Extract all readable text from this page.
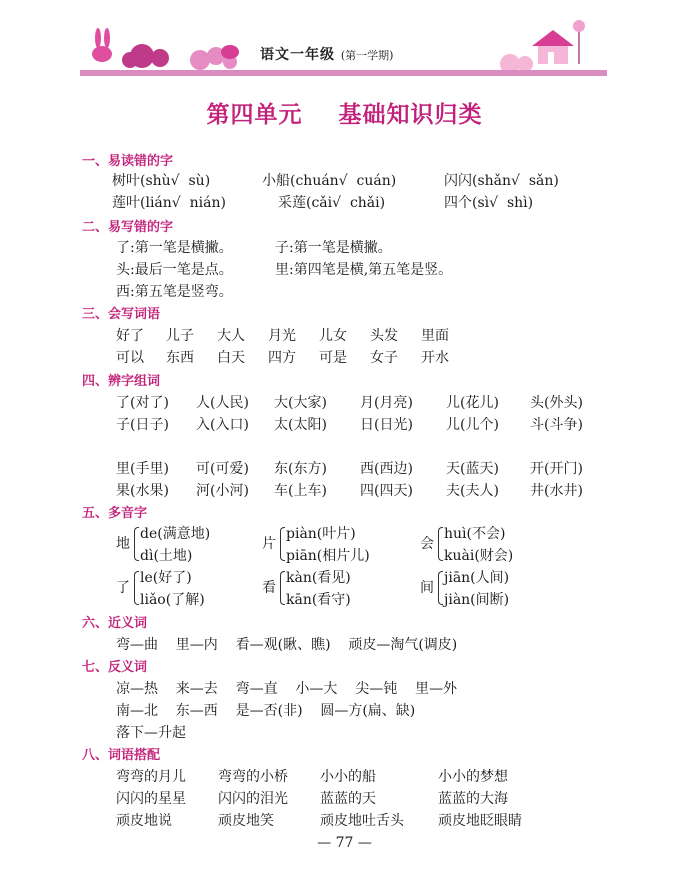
语文一年级 (第一学期)
第四单元    基础知识归类
一、易读错的字
树叶(shù√  sù)	小船(chuán√  cuán)	闪闪(shǎn√  sǎn)
莲叶(lián√  nián)	采莲(cǎi√  chǎi)	四个(sì√  shì)
二、易写错的字
了:第一笔是横撇。	子:第一笔是横撇。
头:最后一笔是点。	里:第四笔是横,第五笔是竖。
西:第五笔是竖弯。
三、会写词语
好了 儿子 大人 月光 儿女 头发 里面
可以 东西 白天 四方 可是 女子 开水
四、辨字组词
了(对了) 人(人民) 大(大家) 月(月亮) 儿(花儿) 头(外头)
子(日子) 入(入口) 太(太阳) 日(日光) 儿(儿个) 斗(斗争)
里(手里) 可(可爱) 东(东方) 西(西边) 天(蓝天) 开(开门)
果(水果) 河(小河) 车(上车) 四(四天) 夫(夫人) 井(水井)
五、多音字
地
de(满意地)
dì(土地)
片
piàn(叶片)
piān(相片儿)
会
huì(不会)
kuài(财会)
了
le(好了)
liǎo(了解)
看
kàn(看见)
kān(看守)
间
jiān(人间)
jiàn(间断)
六、近义词
弯—曲    里—内    看—观(瞅、瞧)    顽皮—淘气(调皮)
七、反义词
凉—热    来—去    弯—直    小—大    尖—钝    里—外
南—北    东—西    是—否(非)    圆—方(扁、缺)
落下—升起
八、词语搭配
弯弯的月儿 弯弯的小桥 小小的船	小小的梦想
闪闪的星星 闪闪的泪光 蓝蓝的天	蓝蓝的大海
顽皮地说	顽皮地笑	顽皮地吐舌头 顽皮地眨眼睛
— 77 —
